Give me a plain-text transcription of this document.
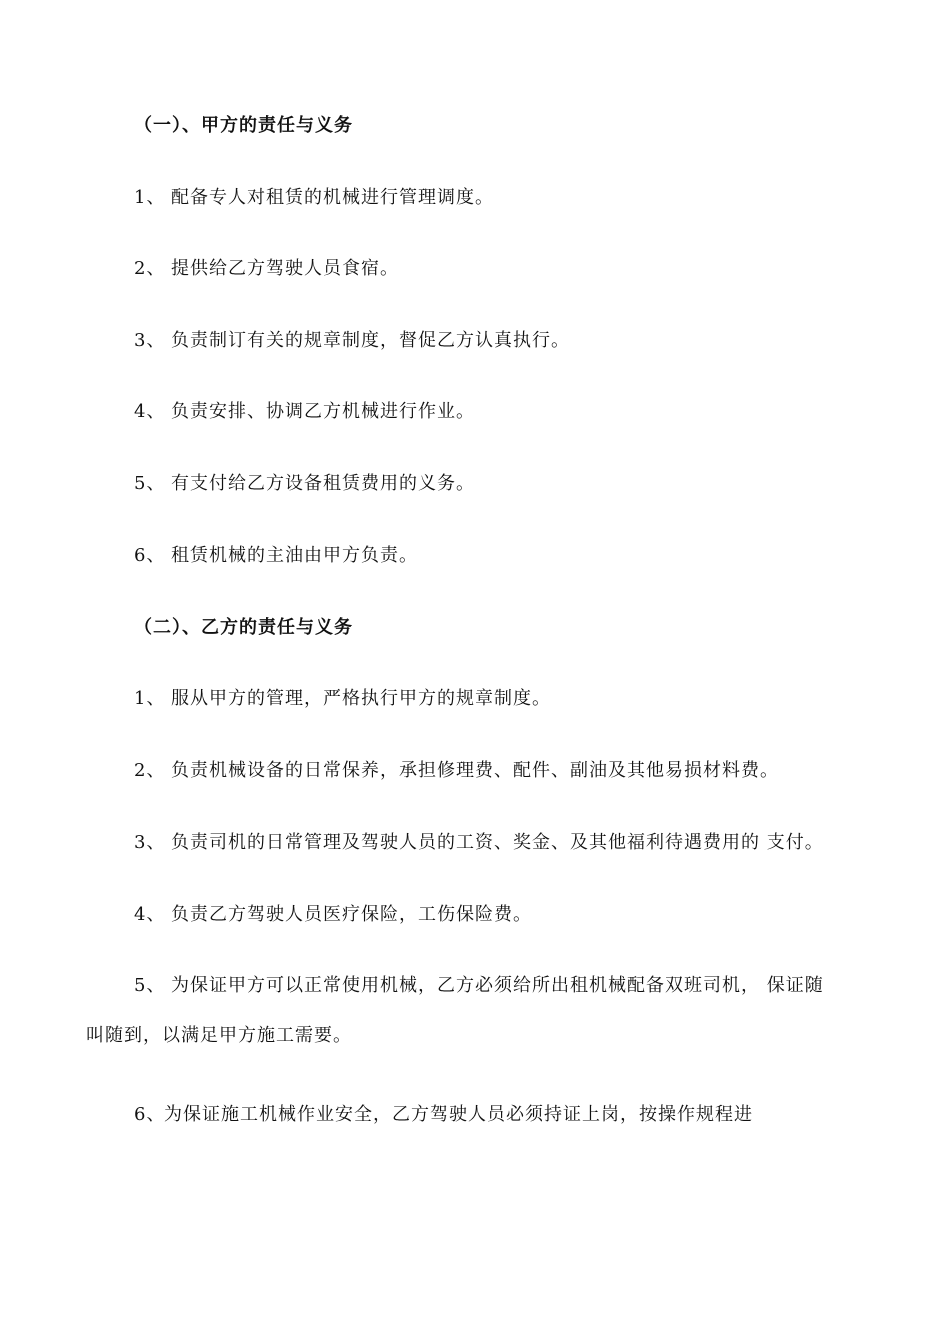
（一）、甲方的责任与义务
1、 配备专人对租赁的机械进行管理调度。
2、 提供给乙方驾驶人员食宿。
3、 负责制订有关的规章制度，督促乙方认真执行。
4、 负责安排、协调乙方机械进行作业。
5、 有支付给乙方设备租赁费用的义务。
6、 租赁机械的主油由甲方负责。
（二）、乙方的责任与义务
1、 服从甲方的管理，严格执行甲方的规章制度。
2、 负责机械设备的日常保养，承担修理费、配件、副油及其他易损材料费。
3、 负责司机的日常管理及驾驶人员的工资、奖金、及其他福利待遇费用的 支付。
4、 负责乙方驾驶人员医疗保险，工伤保险费。
5、 为保证甲方可以正常使用机械，乙方必须给所出租机械配备双班司机， 保证随
叫随到，以满足甲方施工需要。
6、为保证施工机械作业安全，乙方驾驶人员必须持证上岗，按操作规程进
